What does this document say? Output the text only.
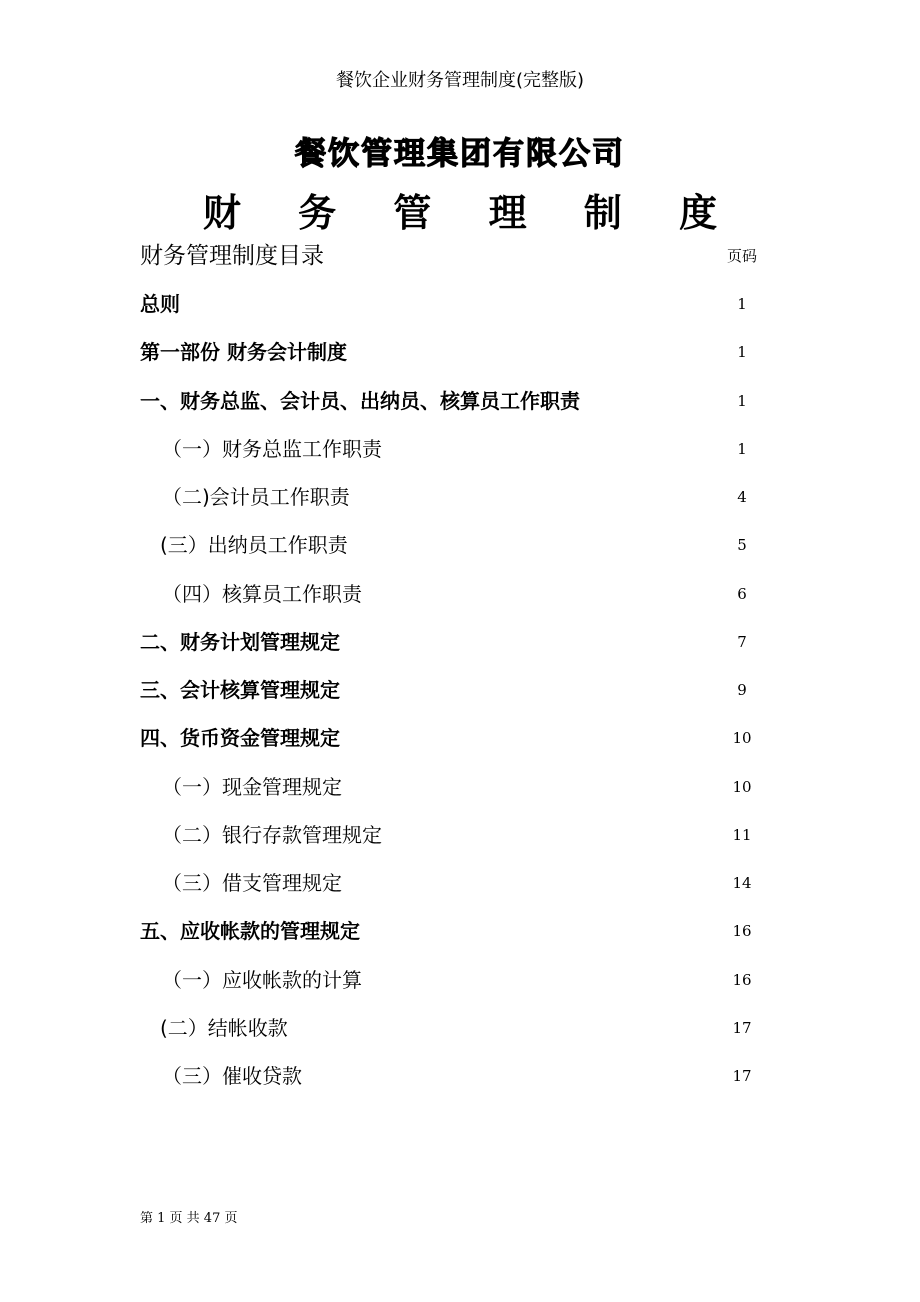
餐饮企业财务管理制度(完整版)
餐饮管理集团有限公司
财 务 管 理 制 度
财务管理制度目录	页码
总则	1
第一部份 财务会计制度	1
一、财务总监、会计员、出纳员、核算员工作职责	1
（一）财务总监工作职责	1
（二)会计员工作职责	4
(三）出纳员工作职责	5
（四）核算员工作职责	6
二、财务计划管理规定	7
三、会计核算管理规定	9
四、货币资金管理规定	10
（一）现金管理规定	10
（二）银行存款管理规定	11
（三）借支管理规定	14
五、应收帐款的管理规定	16
（一）应收帐款的计算	16
(二）结帐收款	17
（三）催收贷款	17
第 1 页 共 47 页
